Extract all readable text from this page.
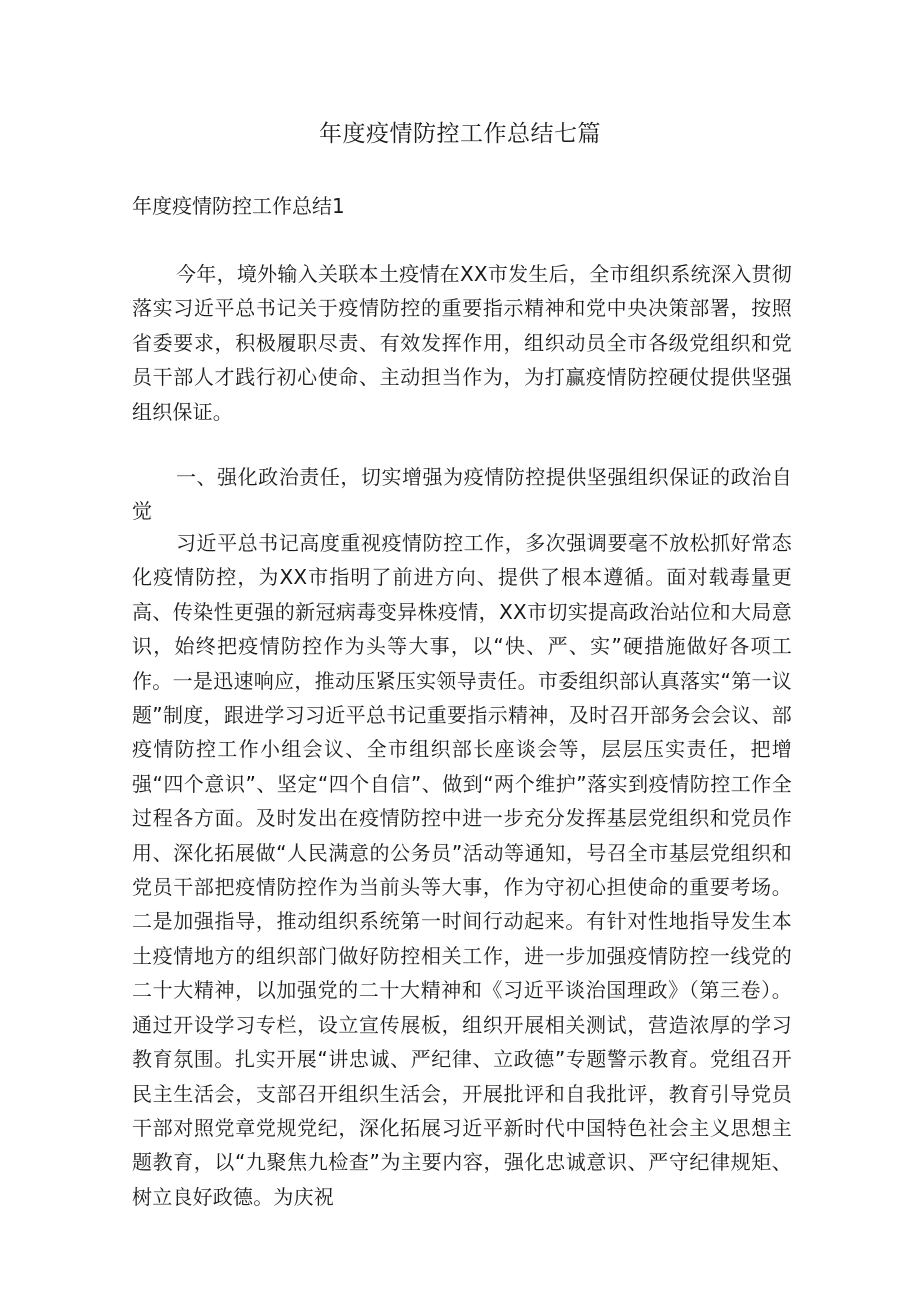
年度疫情防控工作总结七篇
年度疫情防控工作总结1

今年，境外输入关联本土疫情在XX市发生后，全市组织系统深入贯彻落实习近平总书记关于疫情防控的重要指示精神和党中央决策部署，按照省委要求，积极履职尽责、有效发挥作用，组织动员全市各级党组织和党员干部人才践行初心使命、主动担当作为，为打赢疫情防控硬仗提供坚强组织保证。

一、强化政治责任，切实增强为疫情防控提供坚强组织保证的政治自觉

习近平总书记高度重视疫情防控工作，多次强调要毫不放松抓好常态化疫情防控，为XX市指明了前进方向、提供了根本遵循。面对载毒量更高、传染性更强的新冠病毒变异株疫情，XX市切实提高政治站位和大局意识，始终把疫情防控作为头等大事，以“快、严、实”硬措施做好各项工作。一是迅速响应，推动压紧压实领导责任。市委组织部认真落实“第一议题”制度，跟进学习习近平总书记重要指示精神，及时召开部务会会议、部疫情防控工作小组会议、全市组织部长座谈会等，层层压实责任，把增强“四个意识”、坚定“四个自信”、做到“两个维护”落实到疫情防控工作全过程各方面。及时发出在疫情防控中进一步充分发挥基层党组织和党员作用、深化拓展做“人民满意的公务员”活动等通知，号召全市基层党组织和党员干部把疫情防控作为当前头等大事，作为守初心担使命的重要考场。二是加强指导，推动组织系统第一时间行动起来。有针对性地指导发生本土疫情地方的组织部门做好防控相关工作，进一步加强疫情防控一线党的二十大精神，以加强党的二十大精神和《习近平谈治国理政》（第三卷）。通过开设学习专栏，设立宣传展板，组织开展相关测试，营造浓厚的学习教育氛围。扎实开展“讲忠诚、严纪律、立政德”专题警示教育。党组召开民主生活会，支部召开组织生活会，开展批评和自我批评，教育引导党员干部对照党章党规党纪，深化拓展习近平新时代中国特色社会主义思想主题教育，以“九聚焦九检查”为主要内容，强化忠诚意识、严守纪律规矩、树立良好政德。为庆祝
